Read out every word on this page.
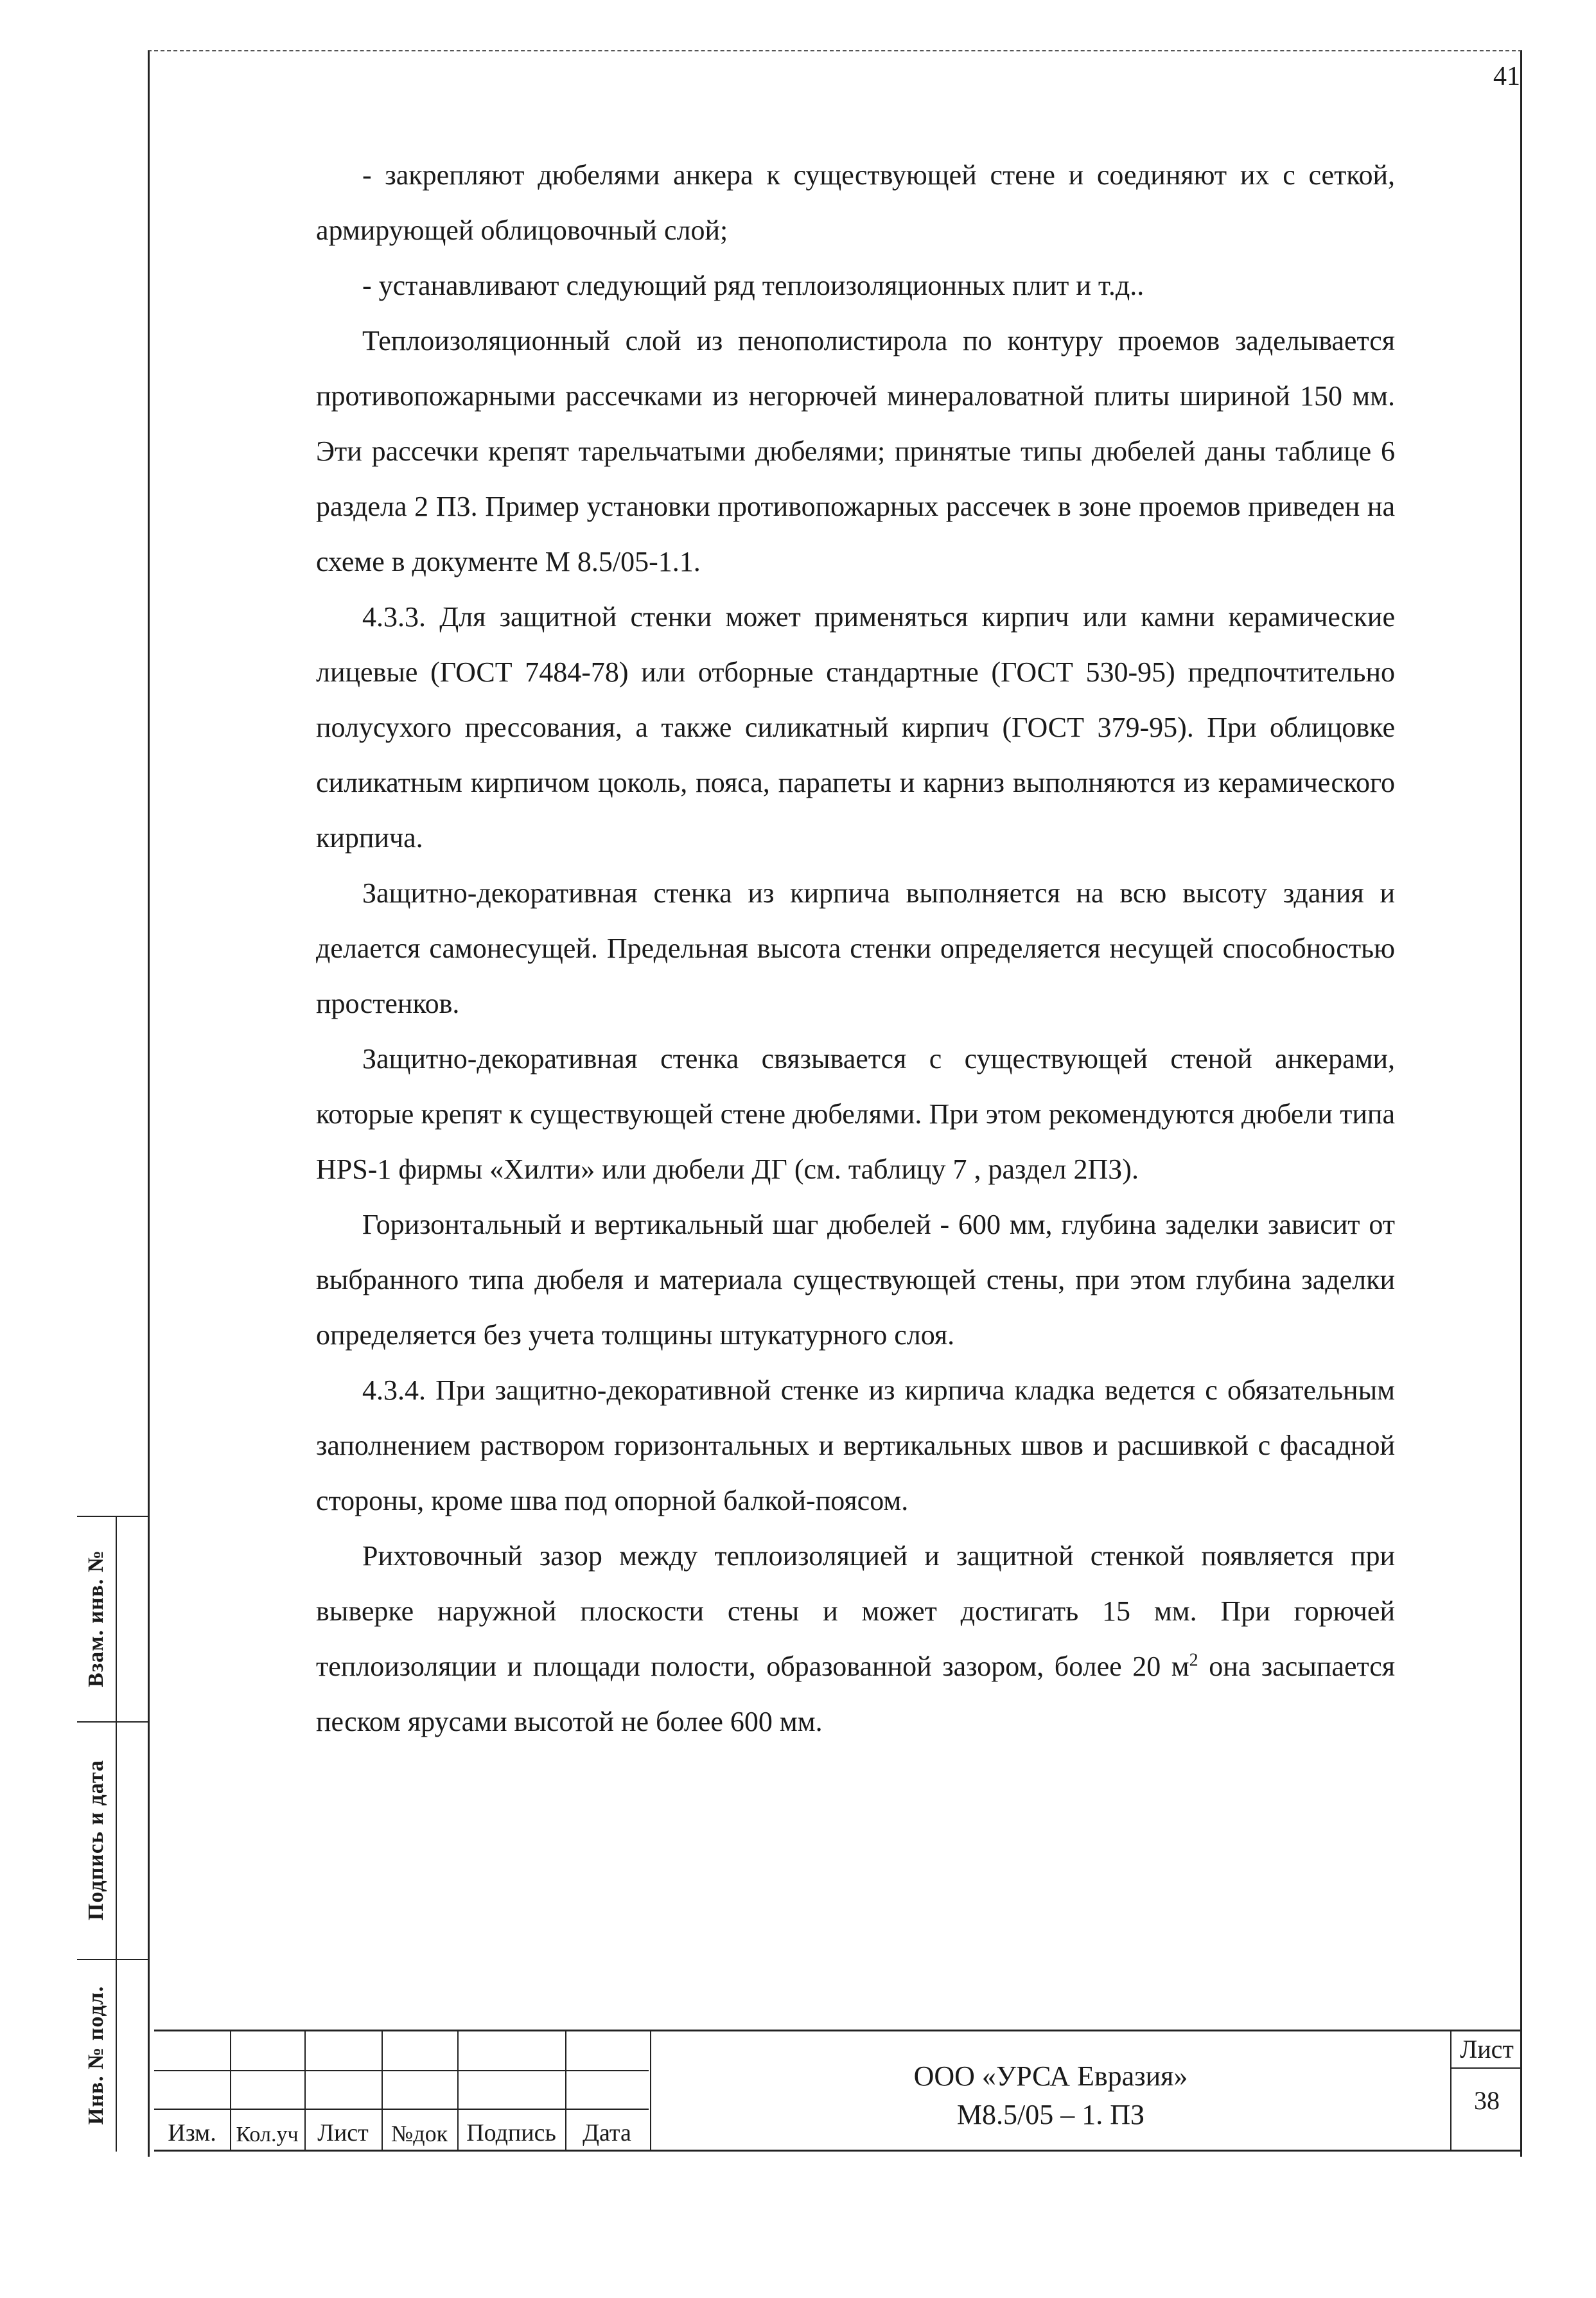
41

- закрепляют дюбелями анкера к существующей стене и соединяют их с сеткой, армирующей облицовочный слой;

- устанавливают следующий ряд теплоизоляционных плит и т.д..

Теплоизоляционный слой из пенополистирола по контуру проемов заделывается противопожарными рассечками из негорючей минераловатной плиты шириной 150 мм. Эти рассечки крепят тарельчатыми дюбелями; принятые типы дюбелей даны таблице 6 раздела 2 ПЗ. Пример установки противопожарных рассечек в зоне проемов приведен на схеме в документе М 8.5/05-1.1.

4.3.3. Для защитной стенки может применяться кирпич или камни керамические лицевые (ГОСТ 7484-78) или отборные стандартные (ГОСТ 530-95) предпочтительно полусухого прессования, а также силикатный кирпич (ГОСТ 379-95). При облицовке силикатным кирпичом цоколь, пояса, парапеты и карниз выполняются из керамического кирпича.

Защитно-декоративная стенка из кирпича выполняется на всю высоту здания и делается самонесущей. Предельная высота стенки определяется несущей способностью простенков.

Защитно-декоративная стенка связывается с существующей стеной анкерами, которые крепят к существующей стене дюбелями. При этом рекомендуются дюбели типа HPS-1 фирмы «Хилти» или дюбели ДГ (см. таблицу 7 , раздел 2ПЗ).

Горизонтальный и вертикальный шаг дюбелей - 600 мм, глубина заделки зависит от выбранного типа дюбеля и материала существующей стены, при этом глубина заделки определяется без учета толщины штукатурного слоя.

4.3.4. При защитно-декоративной стенке из кирпича кладка ведется с обязательным заполнением раствором горизонтальных и вертикальных швов и расшивкой с фасадной стороны, кроме шва под опорной балкой-поясом.

Рихтовочный зазор между теплоизоляцией и защитной стенкой появляется при выверке наружной плоскости стены и может достигать 15 мм. При горючей теплоизоляции и площади полости, образованной зазором, более 20 $м^2$ она засыпается песком ярусами высотой не более 600 мм.

Взам. инв. №
Подпись и дата
Инв. № подл.
Изм. Кол.уч Лист №док Подпись	Дата
ООО «УРСА Евразия»
М8.5/05 – 1. ПЗ
Лист
38
